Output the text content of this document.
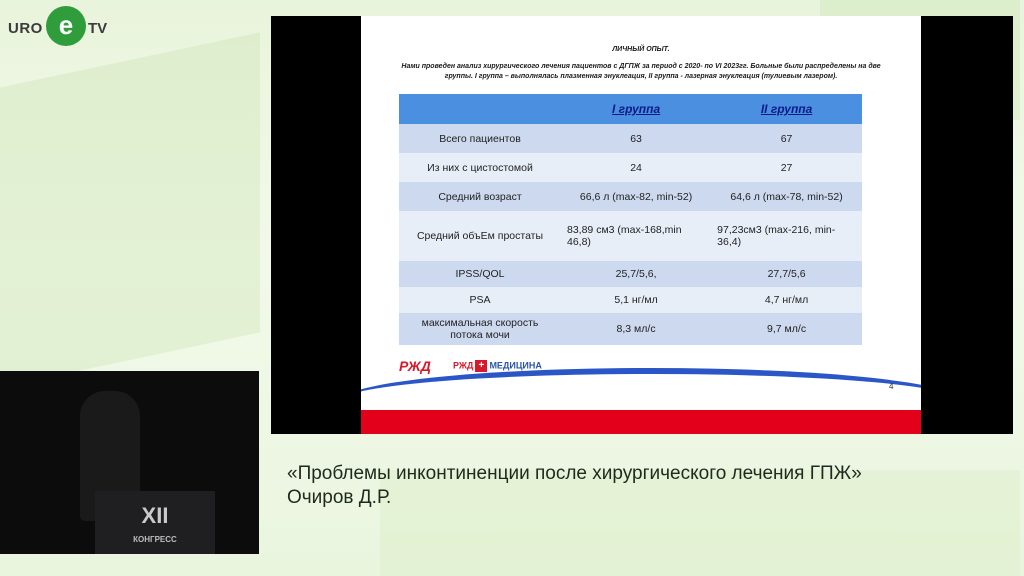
URO e TV
ЛИЧНЫЙ ОПЫТ.
Нами проведен анализ хирургического лечения пациентов с ДГПЖ за период с 2020- по VI 2023гг. Больные были распределены на две группы. I группа – выполнялась плазменная энуклеация, II группа - лазерная энуклеация (тулиевым лазером).
	I группа	II группа
Всего пациентов	63	67
Из них с цистостомой	24	27
Средний возраст	66,6 л (max-82, min-52)	64,6 л (max-78, min-52)
Средний объЕм простаты	83,89 см3 (max-168,min 46,8)	97,23см3 (max-216, min-36,4)
IPSS/QOL	25,7/5,6,	27,7/5,6
PSA	5,1 нг/мл	4,7 нг/мл
максимальная скорость потока мочи	8,3 мл/с	9,7 мл/с
РЖД РЖД + МЕДИЦИНА
4
XII
КОНГРЕСС
«Проблемы инконтиненции после хирургического лечения ГПЖ»
Очиров Д.Р.
